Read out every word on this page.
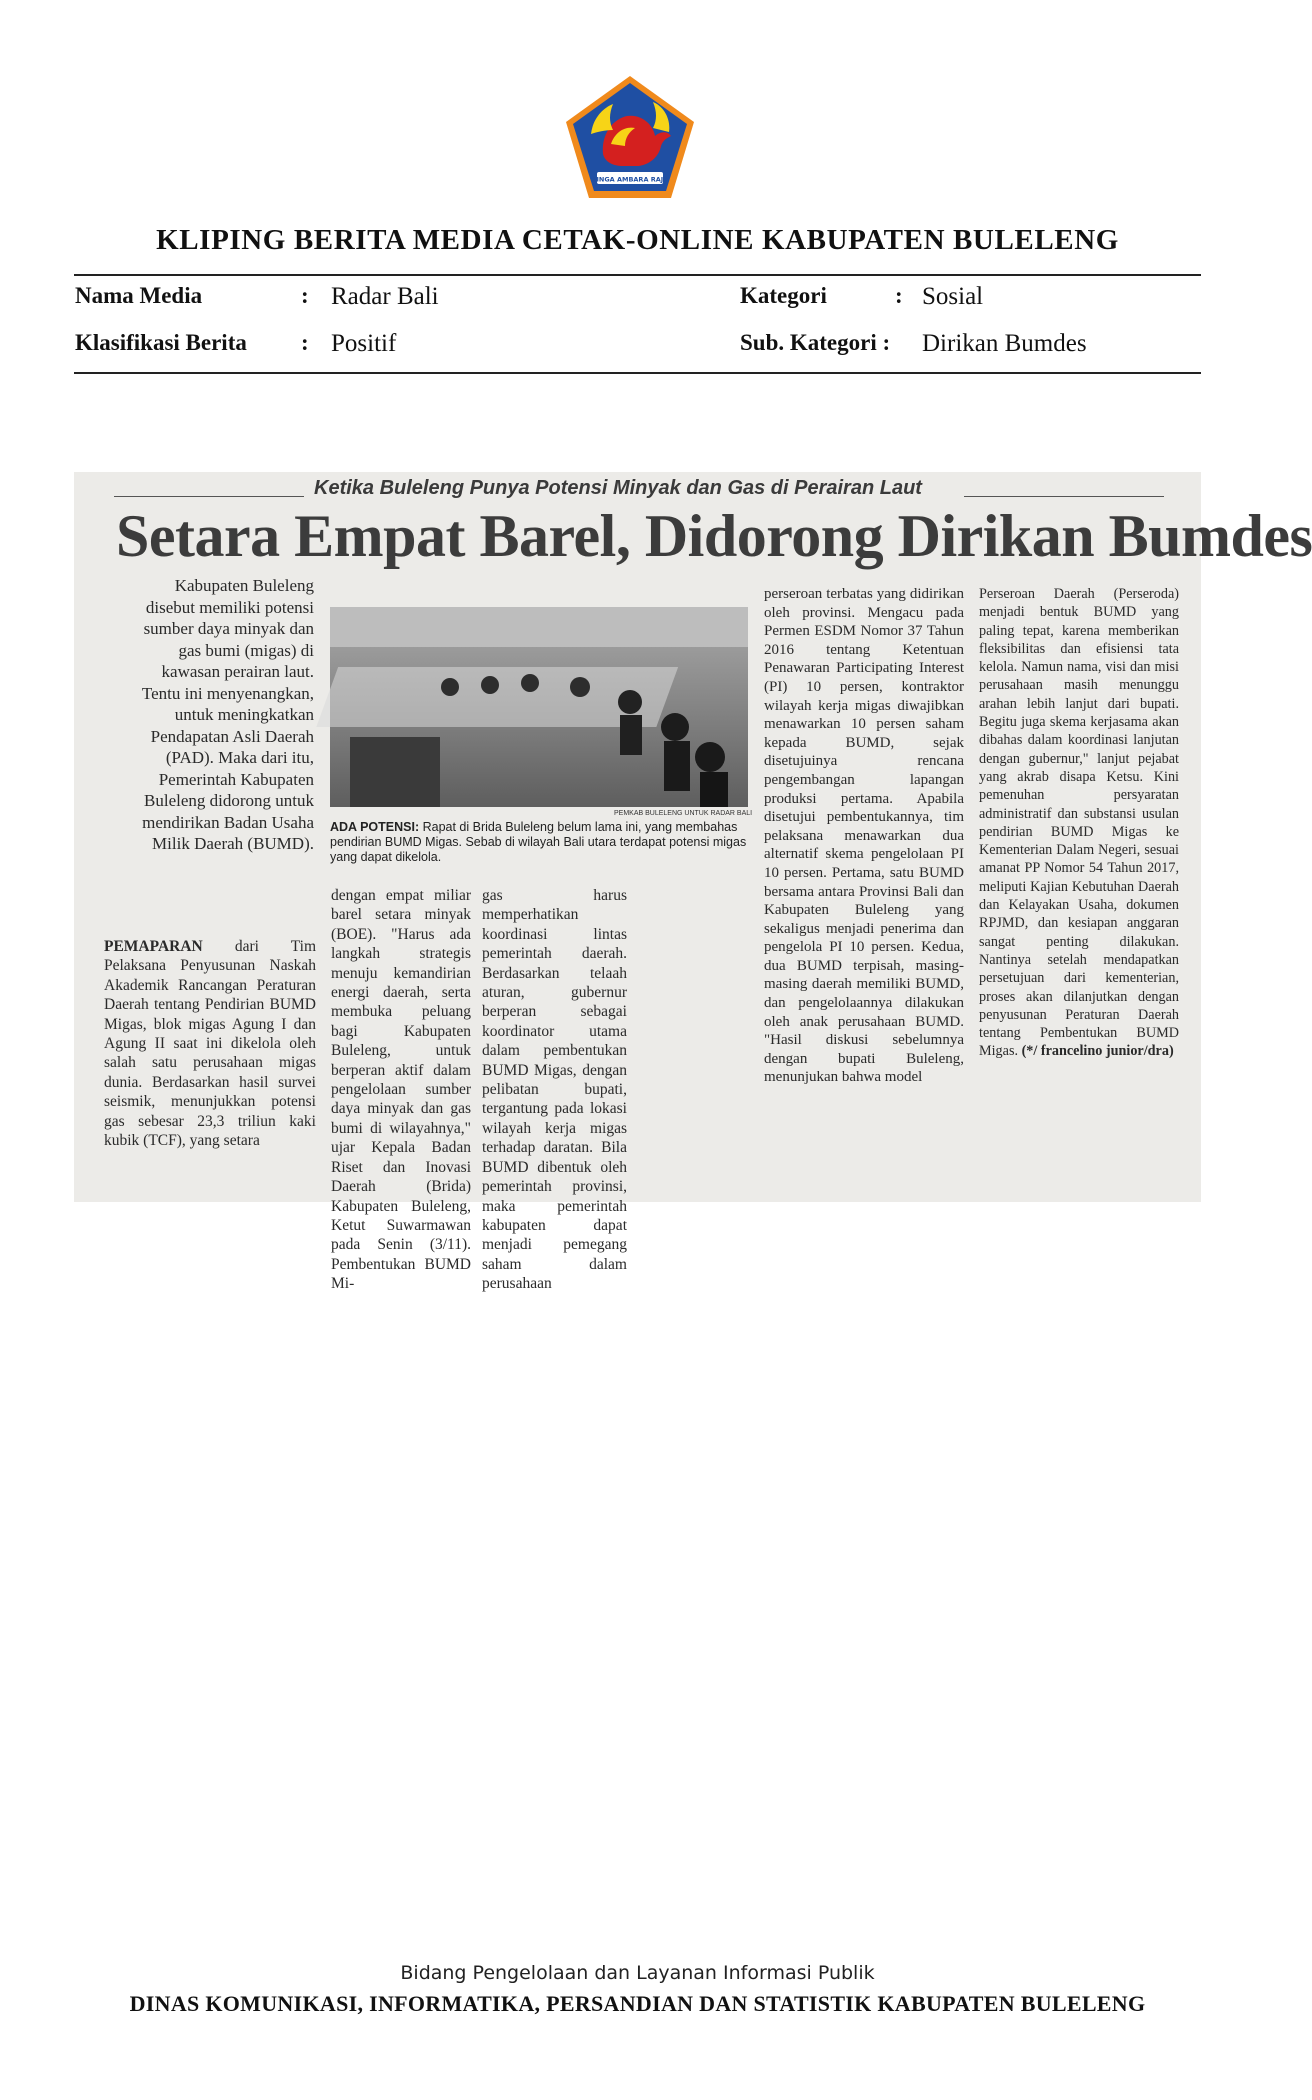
SINGA AMBARA RAJA
KLIPING BERITA MEDIA CETAK-ONLINE KABUPATEN BULELENG
Nama Media	: Radar Bali	Kategori	: Sosial
Klasifikasi Berita : Positif	Sub. Kategori : Dirikan Bumdes
Ketika Buleleng Punya Potensi Minyak dan Gas di Perairan Laut
Setara Empat Barel, Didorong Dirikan Bumdes
Kabupaten Buleleng disebut memiliki potensi sumber daya minyak dan gas bumi (migas) di kawasan perairan laut. Tentu ini menyenangkan, untuk meningkatkan Pendapatan Asli Daerah (PAD). Maka dari itu, Pemerintah Kabupaten Buleleng didorong untuk mendirikan Badan Usaha Milik Daerah (BUMD).
PEMAPARAN dari Tim Pelaksana Penyusunan Naskah Akademik Rancangan Peraturan Daerah tentang Pendirian BUMD Migas, blok migas Agung I dan Agung II saat ini dikelola oleh salah satu perusahaan migas dunia. Berdasarkan hasil survei seismik, menunjukkan potensi gas sebesar 23,3 triliun kaki kubik (TCF), yang setara
PEMKAB BULELENG UNTUK RADAR BALI
ADA POTENSI: Rapat di Brida Buleleng belum lama ini, yang membahas pendirian BUMD Migas. Sebab di wilayah Bali utara terdapat potensi migas yang dapat dikelola.
dengan empat miliar barel setara minyak (BOE). "Harus ada langkah strategis menuju kemandirian energi daerah, serta membuka peluang bagi Kabupaten Buleleng, untuk berperan aktif dalam pengelolaan sumber daya minyak dan gas bumi di wilayahnya," ujar Kepala Badan Riset dan Inovasi Daerah (Brida) Kabupaten Buleleng, Ketut Suwarmawan pada Senin (3/11). Pembentukan BUMD Mi-
gas harus memperhatikan koordinasi lintas pemerintah daerah. Berdasarkan telaah aturan, gubernur berperan sebagai koordinator utama dalam pembentukan BUMD Migas, dengan pelibatan bupati, tergantung pada lokasi wilayah kerja migas terhadap daratan. Bila BUMD dibentuk oleh pemerintah provinsi, maka pemerintah kabupaten dapat menjadi pemegang saham dalam perusahaan
perseroan terbatas yang didirikan oleh provinsi. Mengacu pada Permen ESDM Nomor 37 Tahun 2016 tentang Ketentuan Penawaran Participating Interest (PI) 10 persen, kontraktor wilayah kerja migas diwajibkan menawarkan 10 persen saham kepada BUMD, sejak disetujuinya rencana pengembangan lapangan produksi pertama. Apabila disetujui pembentukannya, tim pelaksana menawarkan dua alternatif skema pengelolaan PI 10 persen. Pertama, satu BUMD bersama antara Provinsi Bali dan Kabupaten Buleleng yang sekaligus menjadi penerima dan pengelola PI 10 persen. Kedua, dua BUMD terpisah, masing-masing daerah memiliki BUMD, dan pengelolaannya dilakukan oleh anak perusahaan BUMD. "Hasil diskusi sebelumnya dengan bupati Buleleng, menunjukan bahwa model
Perseroan Daerah (Perseroda) menjadi bentuk BUMD yang paling tepat, karena memberikan fleksibilitas dan efisiensi tata kelola. Namun nama, visi dan misi perusahaan masih menunggu arahan lebih lanjut dari bupati. Begitu juga skema kerjasama akan dibahas dalam koordinasi lanjutan dengan gubernur," lanjut pejabat yang akrab disapa Ketsu. Kini pemenuhan persyaratan administratif dan substansi usulan pendirian BUMD Migas ke Kementerian Dalam Negeri, sesuai amanat PP Nomor 54 Tahun 2017, meliputi Kajian Kebutuhan Daerah dan Kelayakan Usaha, dokumen RPJMD, dan kesiapan anggaran sangat penting dilakukan. Nantinya setelah mendapatkan persetujuan dari kementerian, proses akan dilanjutkan dengan penyusunan Peraturan Daerah tentang Pembentukan BUMD Migas. (*/ francelino junior/dra)
Bidang Pengelolaan dan Layanan Informasi Publik
DINAS KOMUNIKASI, INFORMATIKA, PERSANDIAN DAN STATISTIK KABUPATEN BULELENG
